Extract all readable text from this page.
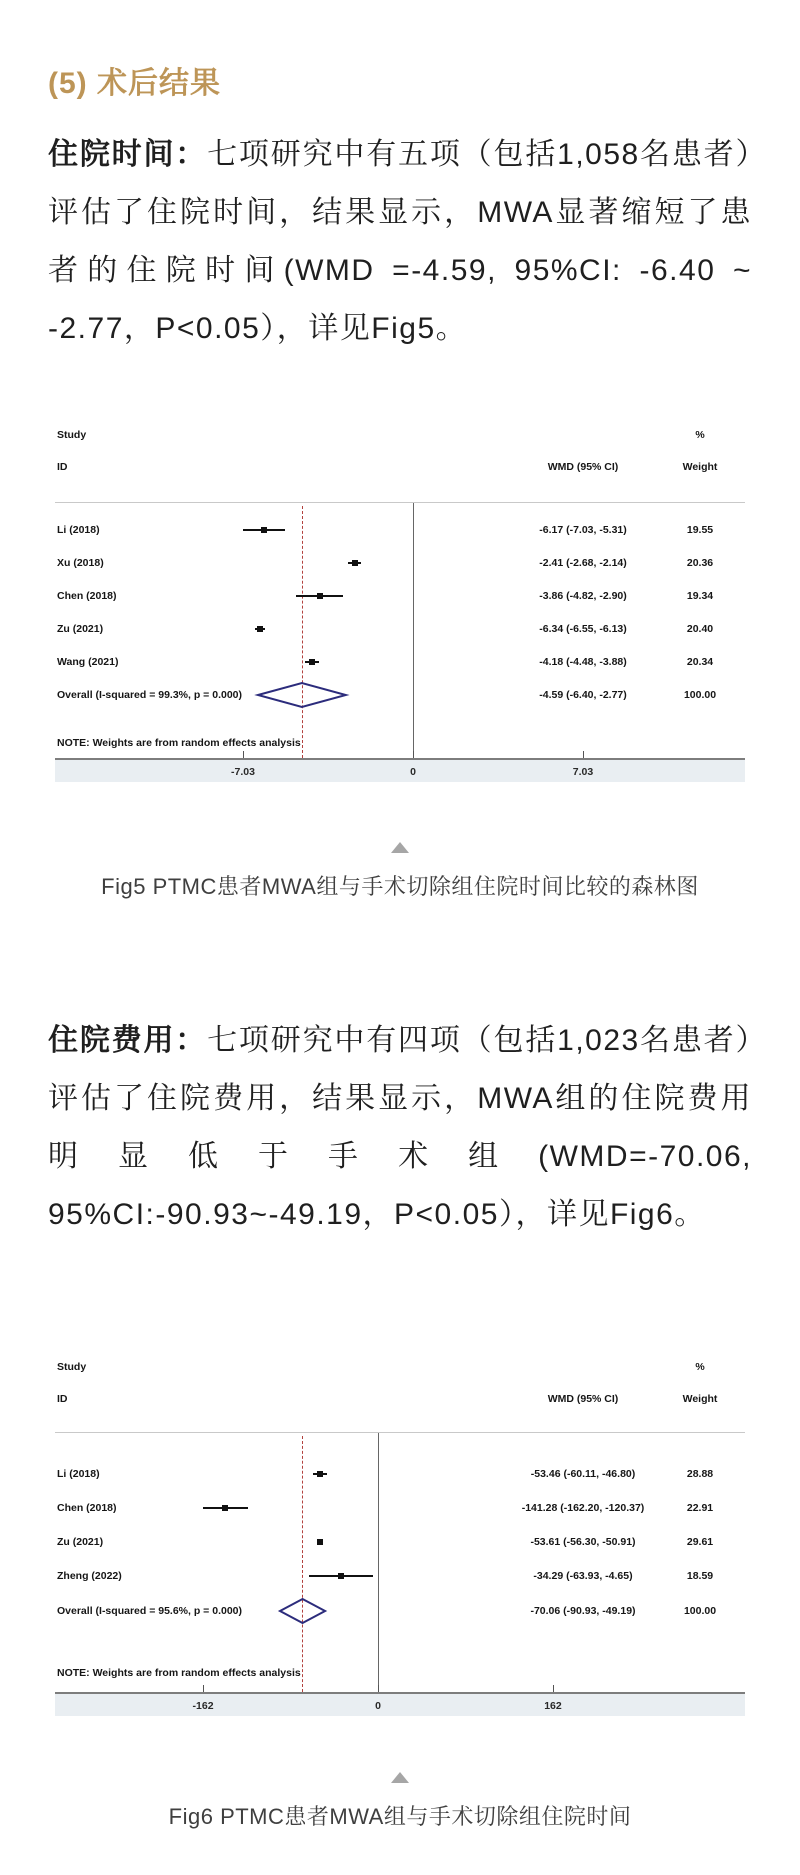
(5) 术后结果

住院时间：七项研究中有五项（包括1,058名患者）评估了住院时间，结果显示，MWA显著缩短了患者的住院时间(WMD =-4.59, 95%CI: -6.40 ~ -2.77，P<0.05），详见Fig5。

Study	%
ID	WMD (95% CI)	Weight
Li (2018)	-6.17 (-7.03, -5.31)	19.55
Xu (2018)	-2.41 (-2.68, -2.14)	20.36
Chen (2018)	-3.86 (-4.82, -2.90)	19.34
Zu (2021)	-6.34 (-6.55, -6.13)	20.40
Wang (2021)	-4.18 (-4.48, -3.88)	20.34
Overall (I-squared = 99.3%, p = 0.000)	-4.59 (-6.40, -2.77)	100.00
NOTE: Weights are from random effects analysis
-7.03	0	7.03
Fig5 PTMC患者MWA组与手术切除组住院时间比较的森林图

住院费用：七项研究中有四项（包括1,023名患者）评估了住院费用，结果显示，MWA组的住院费用明显低于手术组(WMD=-70.06, 95%CI:-90.93~-49.19，P<0.05），详见Fig6。

Study	%
ID	WMD (95% CI)	Weight
Li (2018)	-53.46 (-60.11, -46.80)	28.88
Chen (2018)	-141.28 (-162.20, -120.37)	22.91
Zu (2021)	-53.61 (-56.30, -50.91)	29.61
Zheng (2022)	-34.29 (-63.93, -4.65)	18.59
Overall (I-squared = 95.6%, p = 0.000)	-70.06 (-90.93, -49.19)	100.00
NOTE: Weights are from random effects analysis
-162	0	162
Fig6 PTMC患者MWA组与手术切除组住院时间
